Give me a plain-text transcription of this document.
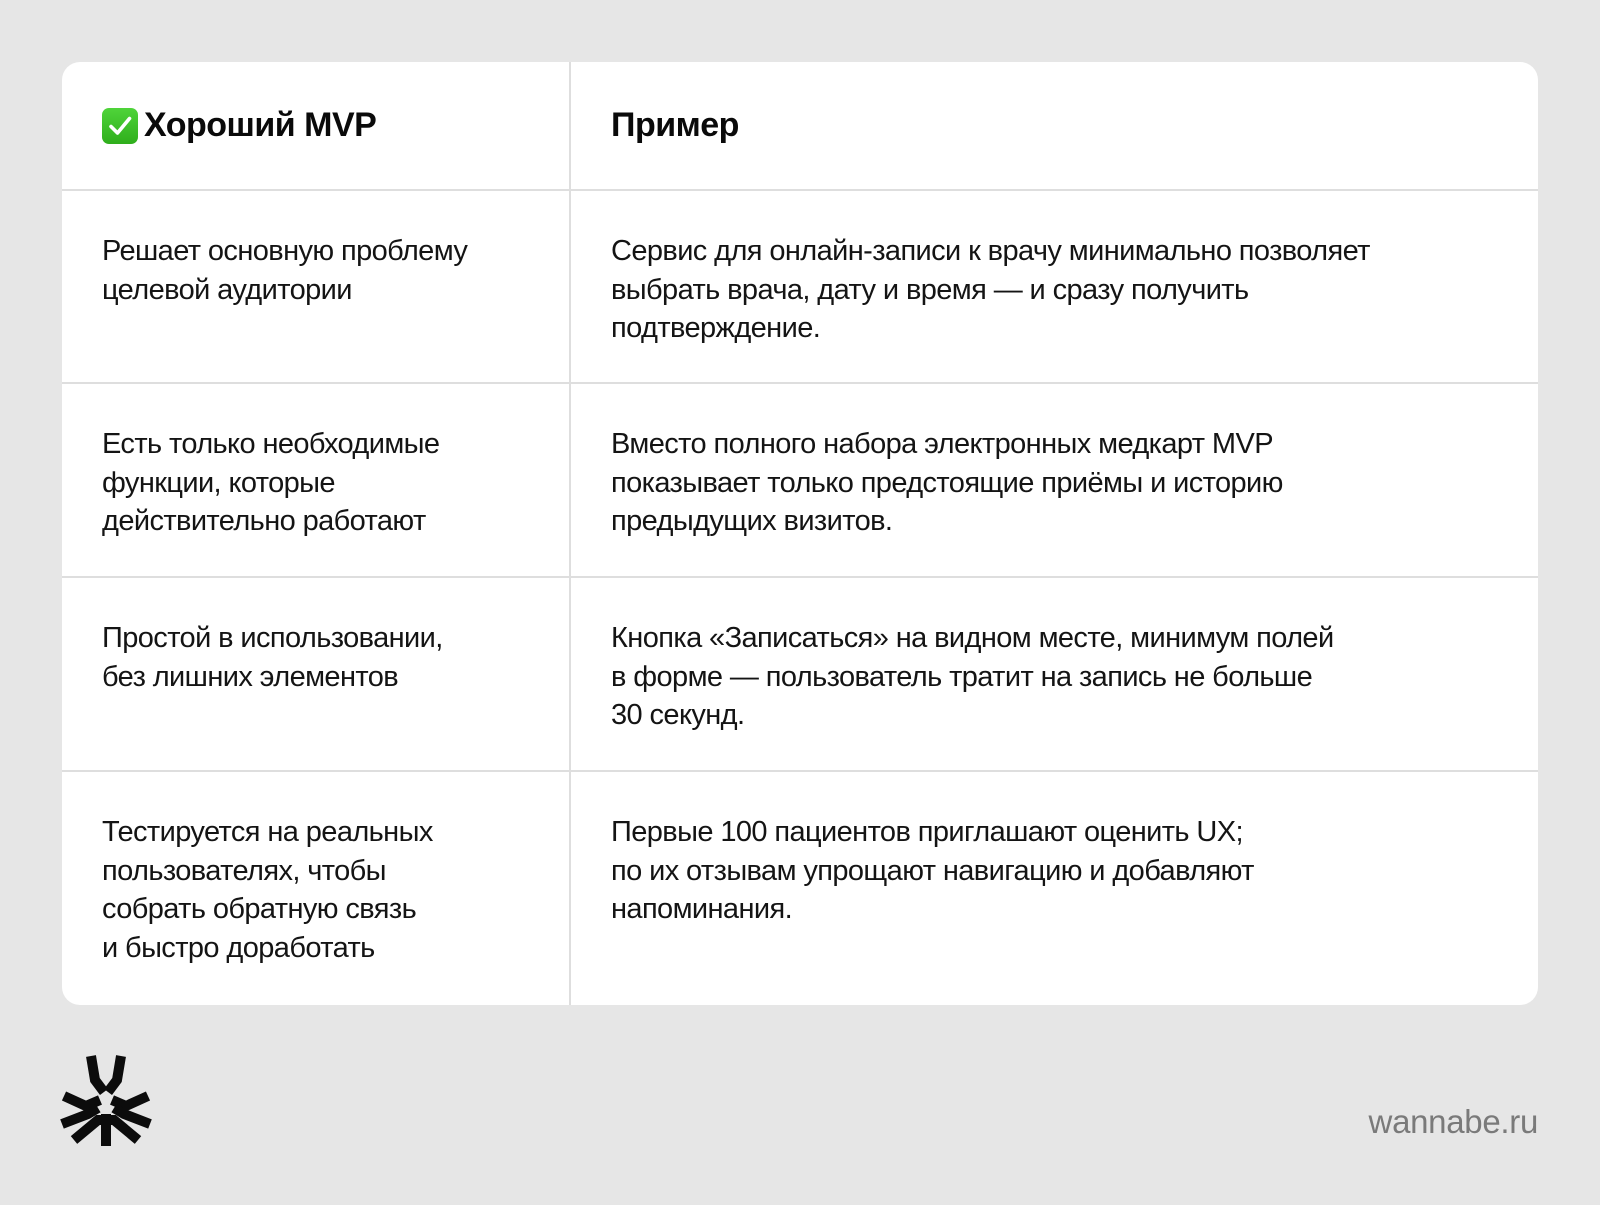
Хороший MVP	Пример
Решает основную проблему
целевой аудитории
Сервис для онлайн-записи к врачу минимально позволяет
выбрать врача, дату и время — и сразу получить
подтверждение.
Есть только необходимые
функции, которые
действительно работают
Вместо полного набора электронных медкарт MVP
показывает только предстоящие приёмы и историю
предыдущих визитов.
Простой в использовании,
без лишних элементов
Кнопка «Записаться» на видном месте, минимум полей
в форме — пользователь тратит на запись не больше
30 секунд.
Тестируется на реальных
пользователях, чтобы
собрать обратную связь
и быстро доработать
Первые 100 пациентов приглашают оценить UX;
по их отзывам упрощают навигацию и добавляют
напоминания.
wannabe.ru
